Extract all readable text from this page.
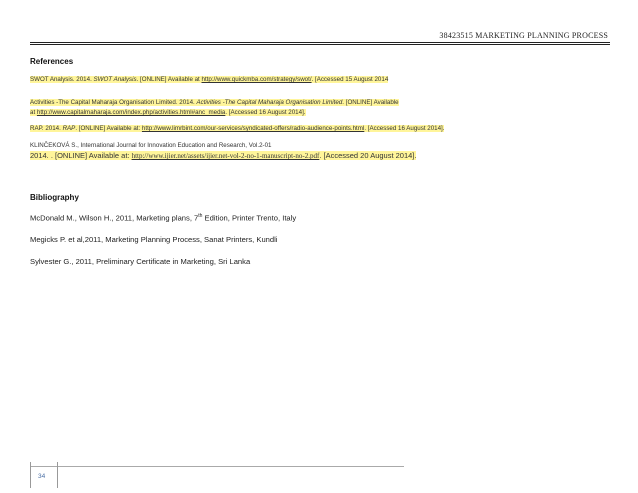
38423515 MARKETING PLANNING PROCESS
References
SWOT Analysis. 2014. SWOT Analysis. [ONLINE] Available at http://www.quickmba.com/strategy/swot/. [Accessed 15 August 2014
Activities -The Capital Maharaja Organisation Limited. 2014. Activities -The Capital Maharaja Organisation Limited. [ONLINE] Available
at http://www.capitalmaharaja.com/index.php/activities.html#anc_media. [Accessed 16 August 2014].
RAP. 2014. RAP. [ONLINE] Available at: http://www.limrbint.com/our-services/syndicated-offers/radio-audience-points.html. [Accessed 16 August 2014].
KLINČEKOVÁ S., International Journal for Innovation Education and Research, Vol.2-01
2014. . [ONLINE] Available at: http://www.ijier.net/assets/ijier.net-vol-2-no-1-manuscript-no-2.pdf. [Accessed 20 August 2014].
Bibliography
McDonald M., Wilson H., 2011, Marketing plans, 7th Edition, Printer Trento, Italy
Megicks P. et al,2011, Marketing Planning Process, Sanat Printers, Kundli
Sylvester G., 2011, Preliminary Certificate in Marketing, Sri Lanka
34
